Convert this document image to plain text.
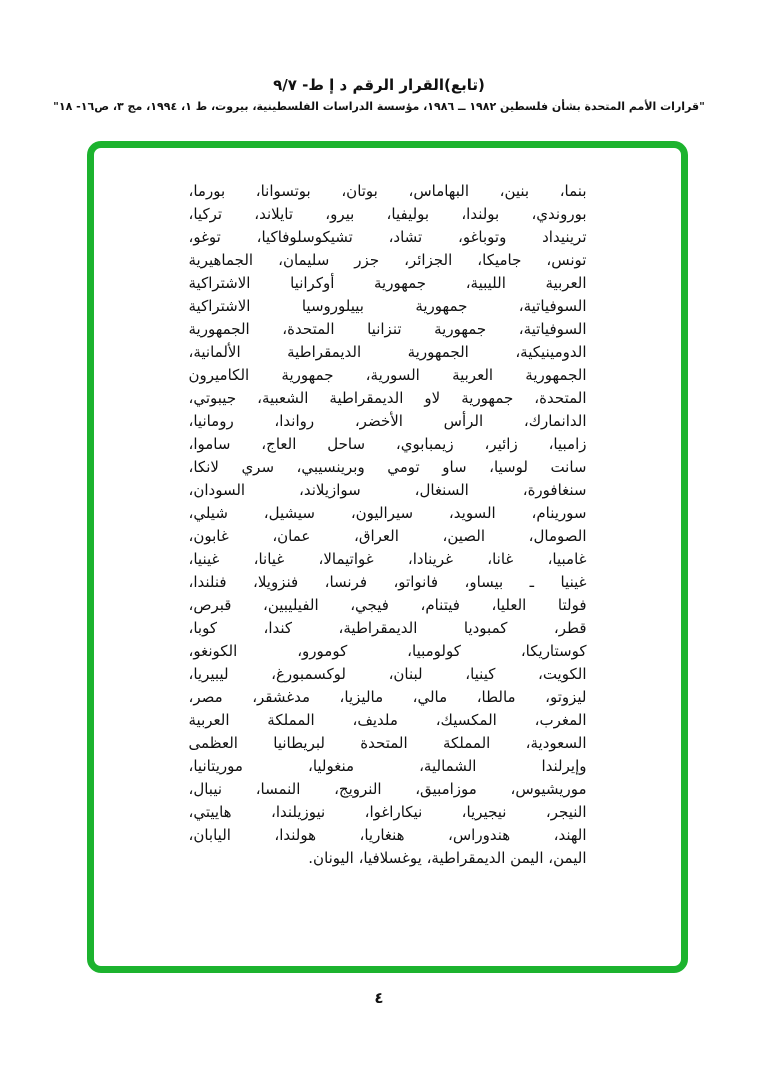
(تابع)القرار الرقم د إ ط- ٩/٧
"قرارات الأمم المتحدة بشأن فلسطين ١٩٨٢ ــ ١٩٨٦، مؤسسة الدراسات الفلسطينية، بيروت، ط ١، ١٩٩٤، مج ٣، ص١٦- ١٨"
بنما، بنين، البهاماس، بوتان، بوتسوانا، بورما،
بوروندي، بولندا، بوليفيا، بيرو، تايلاند، تركيا،
ترينيداد وتوباغو، تشاد، تشيكوسلوفاكيا، توغو،
تونس، جاميكا، الجزائر، جزر سليمان، الجماهيرية
العربية الليبية، جمهورية أوكرانيا الاشتراكية
السوفياتية، جمهورية بييلوروسيا الاشتراكية
السوفياتية، جمهورية تنزانيا المتحدة، الجمهورية
الدومينيكية، الجمهورية الديمقراطية الألمانية،
الجمهورية العربية السورية، جمهورية الكاميرون
المتحدة، جمهورية لاو الديمقراطية الشعبية، جيبوتي،
الدانمارك، الرأس الأخضر، رواندا، رومانيا،
زامبيا، زائير، زيمبابوي، ساحل العاج، ساموا،
سانت لوسيا، ساو تومي وبرينسيبي، سري لانكا،
سنغافورة، السنغال، سوازيلاند، السودان،
سورينام، السويد، سيراليون، سيشيل، شيلي،
الصومال، الصين، العراق، عمان، غابون،
غامبيا، غانا، غرينادا، غواتيمالا، غيانا، غينيا،
غينيا ـ بيساو، فانواتو، فرنسا، فنزويلا، فنلندا،
فولتا العليا، فيتنام، فيجي، الفيليبين، قبرص،
قطر، كمبوديا الديمقراطية، كندا، كوبا،
كوستاريكا، كولومبيا، كومورو، الكونغو،
الكويت، كينيا، لبنان، لوكسمبورغ، ليبيريا،
ليزوتو، مالطا، مالي، ماليزيا، مدغشقر، مصر،
المغرب، المكسيك، ملديف، المملكة العربية
السعودية، المملكة المتحدة لبريطانيا العظمى
وإيرلندا الشمالية، منغوليا، موريتانيا،
موريشيوس، موزامبيق، النرويج، النمسا، نيبال،
النيجر، نيجيريا، نيكاراغوا، نيوزيلندا، هاييتي،
الهند، هندوراس، هنغاريا، هولندا، اليابان،
اليمن، اليمن الديمقراطية، يوغسلافيا، اليونان.
٤
